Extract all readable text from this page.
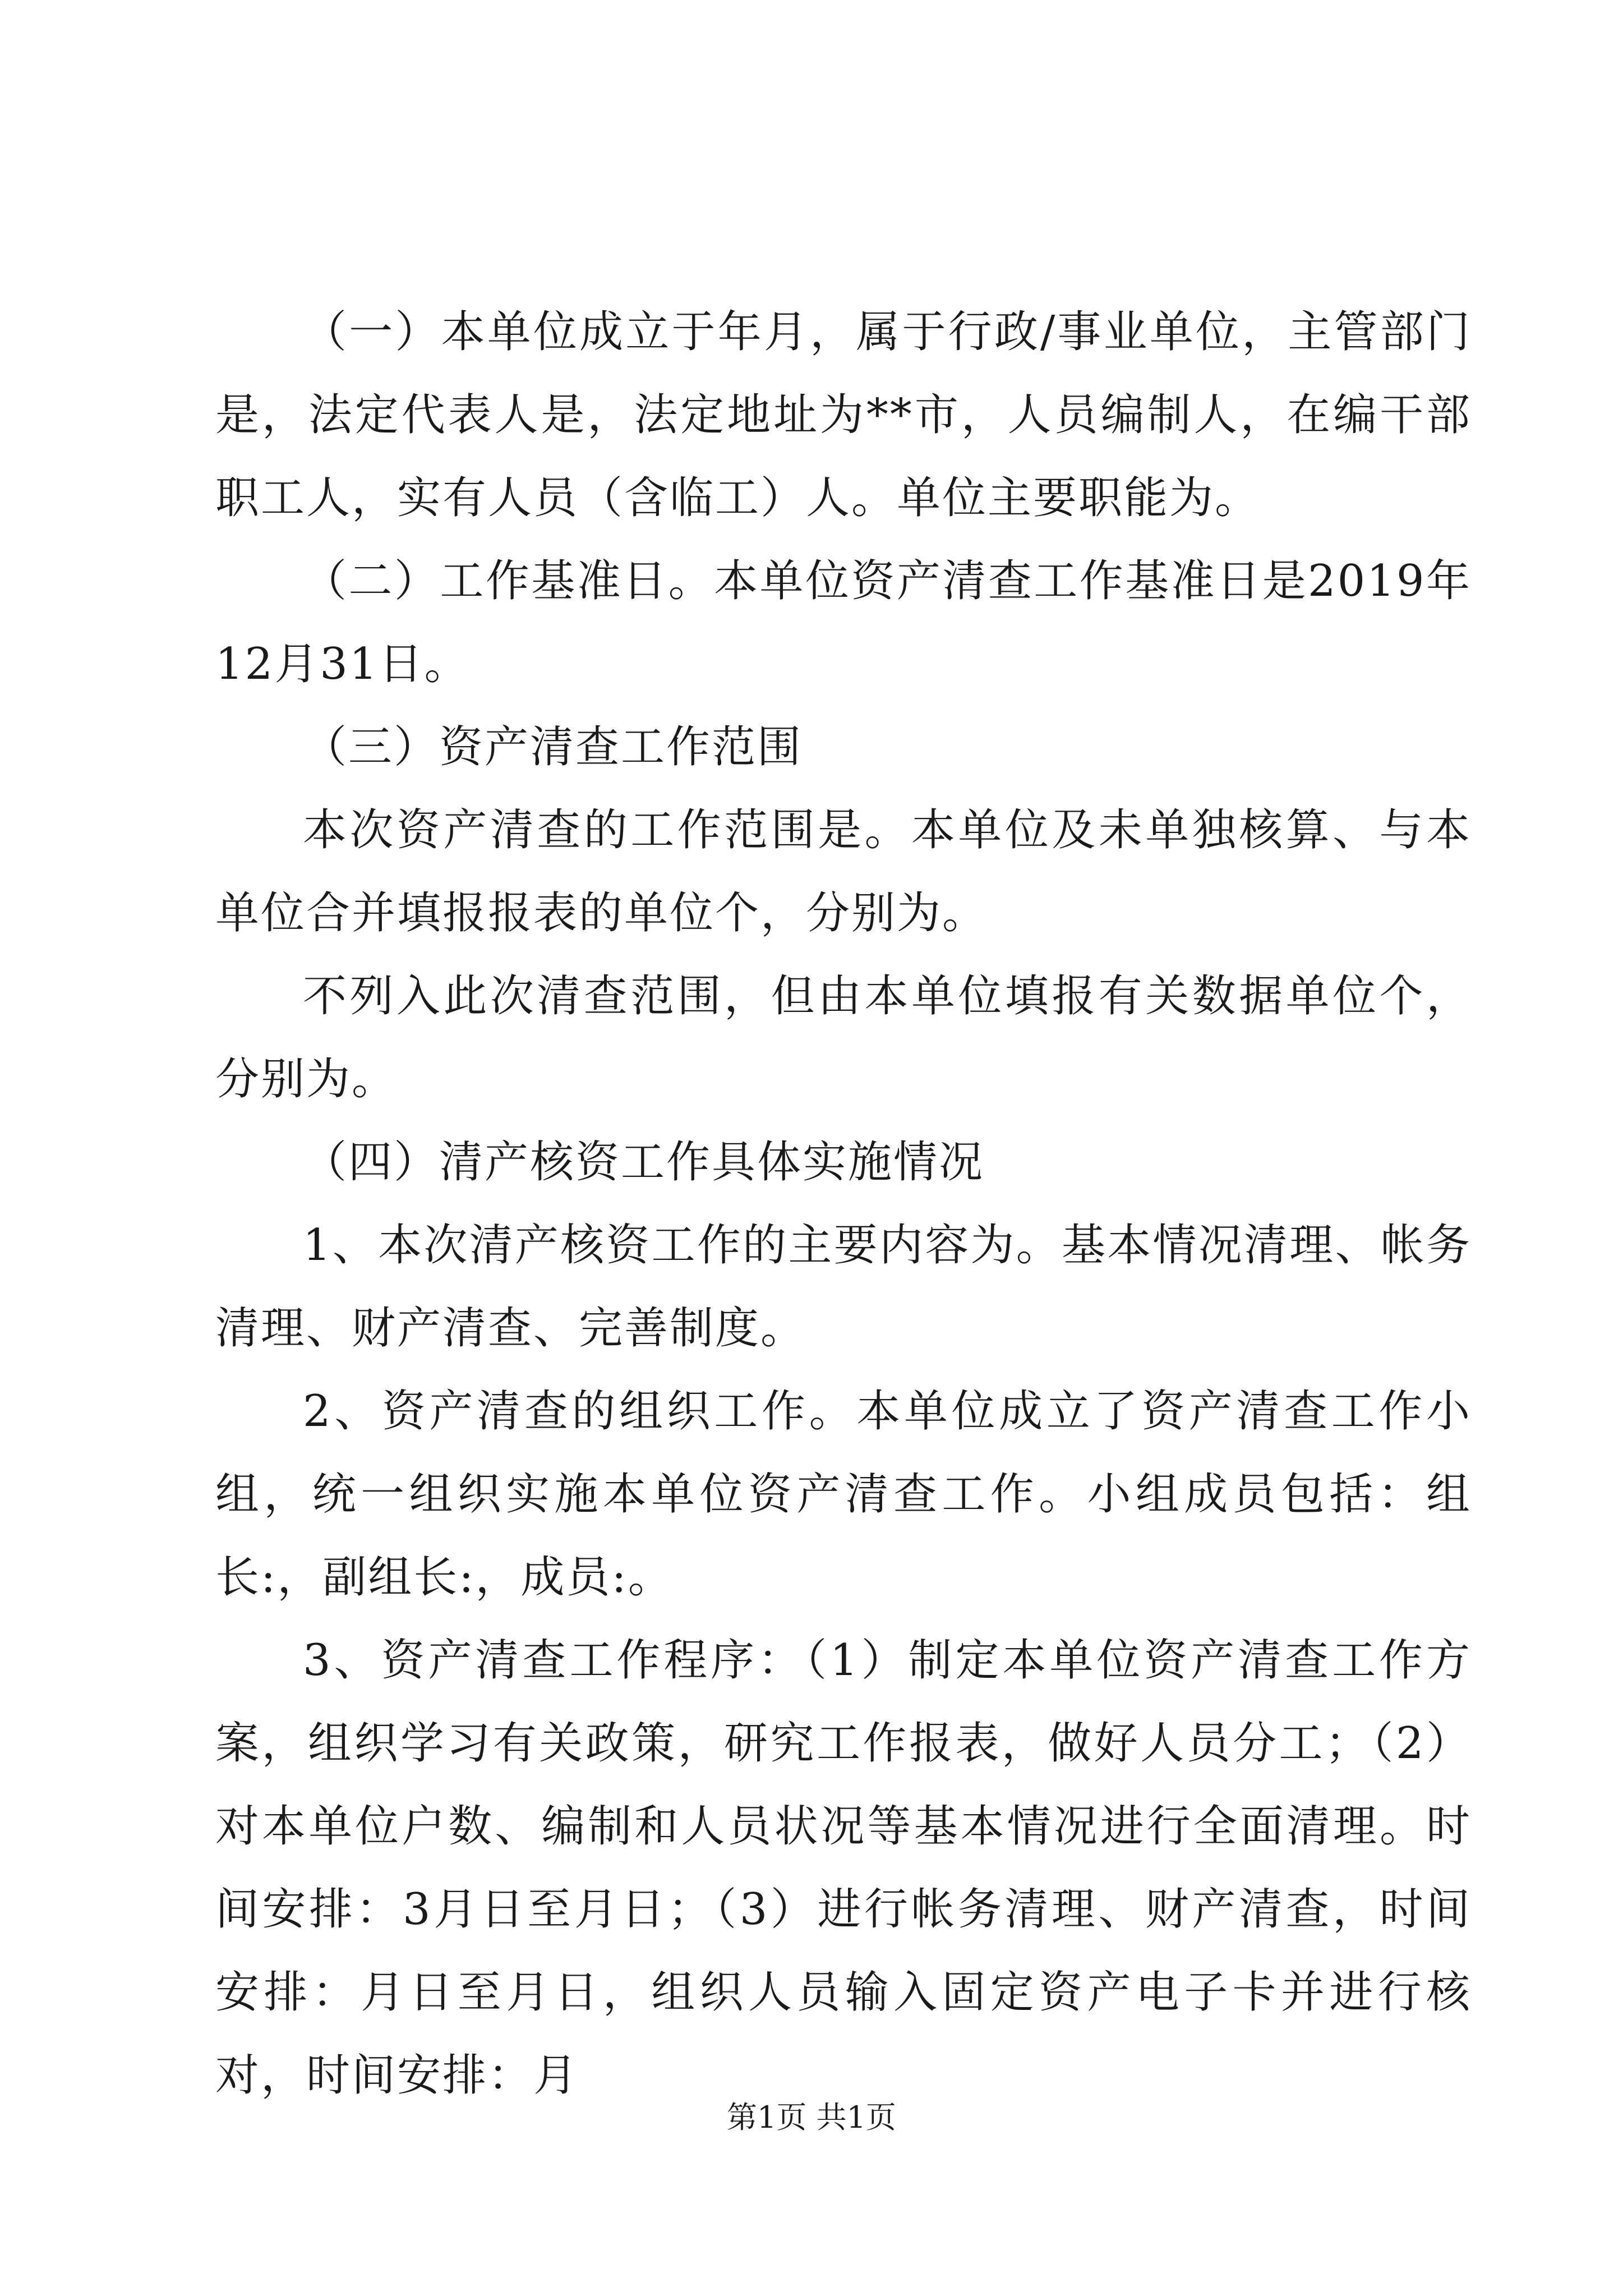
（一）本单位成立于年月，属于行政/事业单位，主管部门是，法定代表人是，法定地址为**市，人员编制人，在编干部职工人，实有人员（含临工）人。单位主要职能为。

（二）工作基准日。本单位资产清查工作基准日是2019年12月31日。

（三）资产清查工作范围

本次资产清查的工作范围是。本单位及未单独核算、与本单位合并填报报表的单位个，分别为。

不列入此次清查范围，但由本单位填报有关数据单位个，分别为。

（四）清产核资工作具体实施情况

1、本次清产核资工作的主要内容为。基本情况清理、帐务清理、财产清查、完善制度。

2、资产清查的组织工作。本单位成立了资产清查工作小组，统一组织实施本单位资产清查工作。小组成员包括：组长:，副组长:，成员:。

3、资产清查工作程序：（1）制定本单位资产清查工作方案，组织学习有关政策，研究工作报表，做好人员分工；（2）对本单位户数、编制和人员状况等基本情况进行全面清理。时间安排：3月日至月日；（3）进行帐务清理、财产清查，时间安排：月日至月日，组织人员输入固定资产电子卡并进行核对，时间安排：月

第1页 共1页
